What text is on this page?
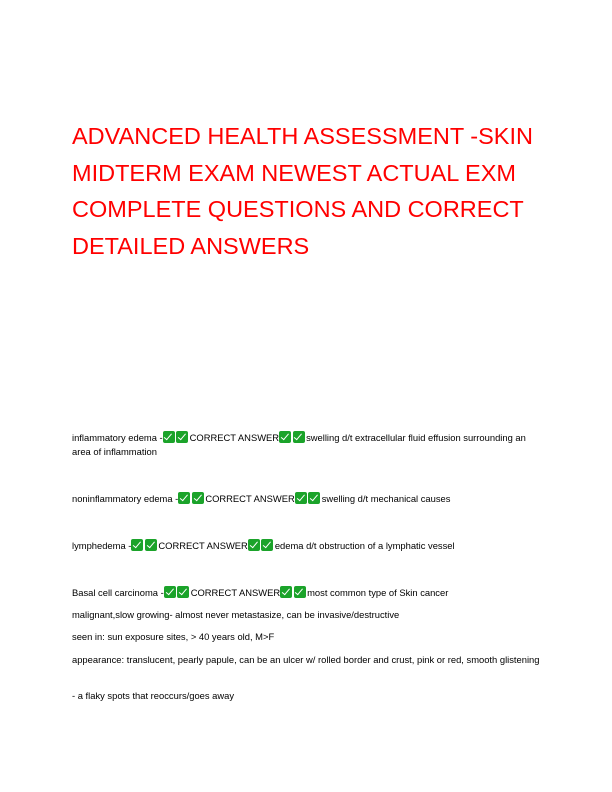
ADVANCED HEALTH ASSESSMENT -SKIN
MIDTERM EXAM NEWEST ACTUAL EXM
COMPLETE QUESTIONS AND CORRECT
DETAILED ANSWERS

inflammatory edema -	CORRECT ANSWER	swelling d/t extracellular fluid effusion surrounding an area of inflammation

noninflammatory edema -	CORRECT ANSWER	swelling d/t mechanical causes

lymphedema -	CORRECT ANSWER	edema d/t obstruction of a lymphatic vessel

Basal cell carcinoma -	CORRECT ANSWER	most common type of Skin cancer

malignant,slow growing- almost never metastasize, can be invasive/destructive

seen in: sun exposure sites, > 40 years old, M>F

appearance: translucent, pearly papule, can be an ulcer w/ rolled border and crust, pink or red, smooth glistening

- a flaky spots that reoccurs/goes away
